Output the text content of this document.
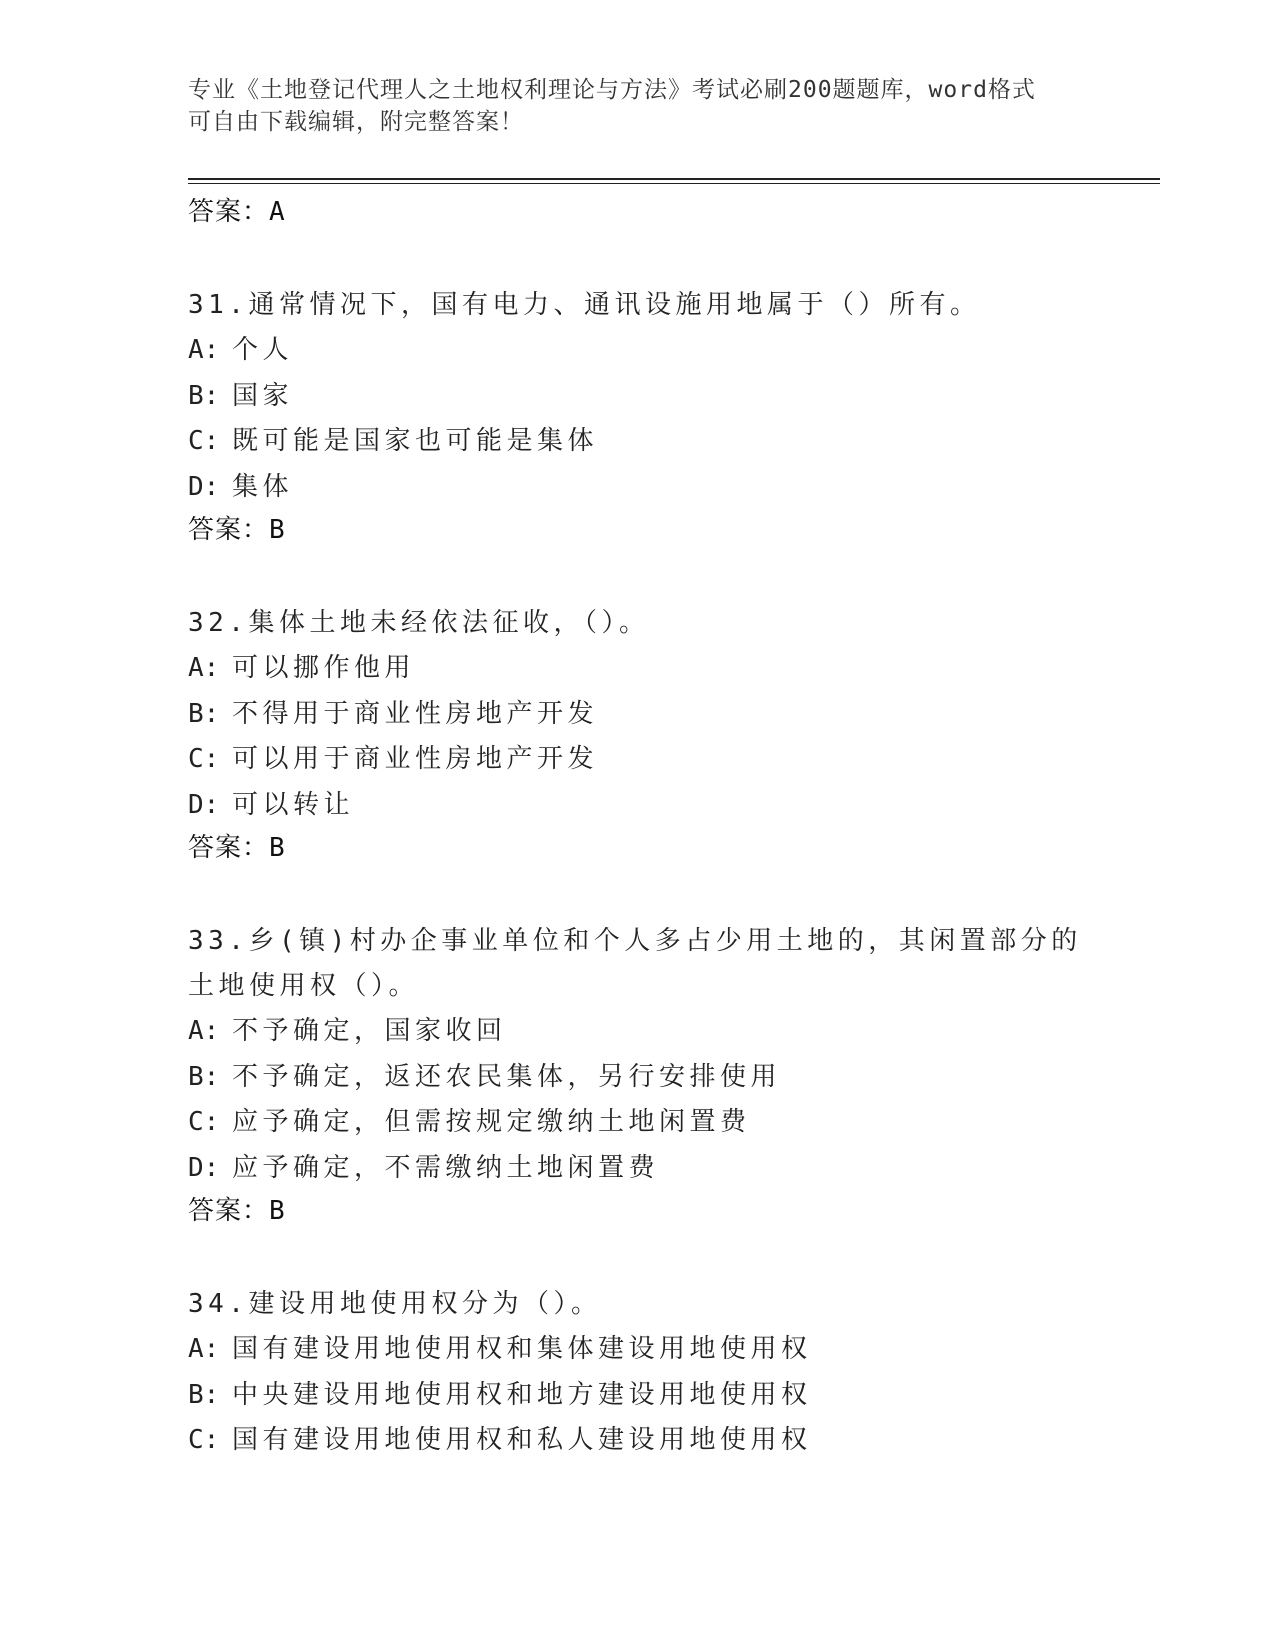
专业《土地登记代理人之土地权利理论与方法》考试必刷200题题库，word格式
可自由下载编辑，附完整答案！
答案：A
31.通常情况下，国有电力、通讯设施用地属于（）所有。
A: 个人
B: 国家
C: 既可能是国家也可能是集体
D: 集体
答案：B
32.集体土地未经依法征收，（）。
A: 可以挪作他用
B: 不得用于商业性房地产开发
C: 可以用于商业性房地产开发
D: 可以转让
答案：B
33.乡(镇)村办企事业单位和个人多占少用土地的，其闲置部分的土地使用权（）。
A: 不予确定，国家收回
B: 不予确定，返还农民集体，另行安排使用
C: 应予确定，但需按规定缴纳土地闲置费
D: 应予确定，不需缴纳土地闲置费
答案：B
34.建设用地使用权分为（）。
A: 国有建设用地使用权和集体建设用地使用权
B: 中央建设用地使用权和地方建设用地使用权
C: 国有建设用地使用权和私人建设用地使用权
